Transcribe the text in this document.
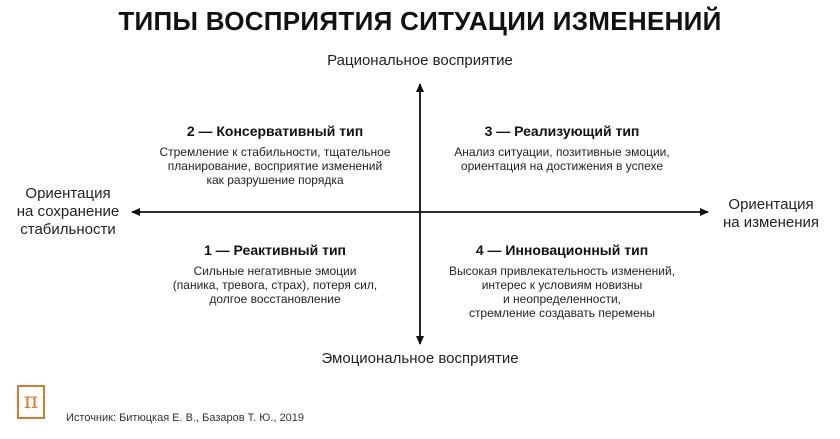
ТИПЫ ВОСПРИЯТИЯ СИТУАЦИИ ИЗМЕНЕНИЙ
Рациональное восприятие
Эмоциональное восприятие
Ориентация
на сохранение
стабильности
Ориентация
на изменения
2 — Консервативный тип
Стремление к стабильности, тщательное
планирование, восприятие изменений
как разрушение порядка
3 — Реализующий тип
Анализ ситуации, позитивные эмоции,
ориентация на достижения в успехе
1 — Реактивный тип
Сильные негативные эмоции
(паника, тревога, страх), потеря сил,
долгое восстановление
4 — Инновационный тип
Высокая привлекательность изменений,
интерес к условиям новизны
и неопределенности,
стремление создавать перемены
π
Источник: Битюцкая Е. В., Базаров Т. Ю., 2019
